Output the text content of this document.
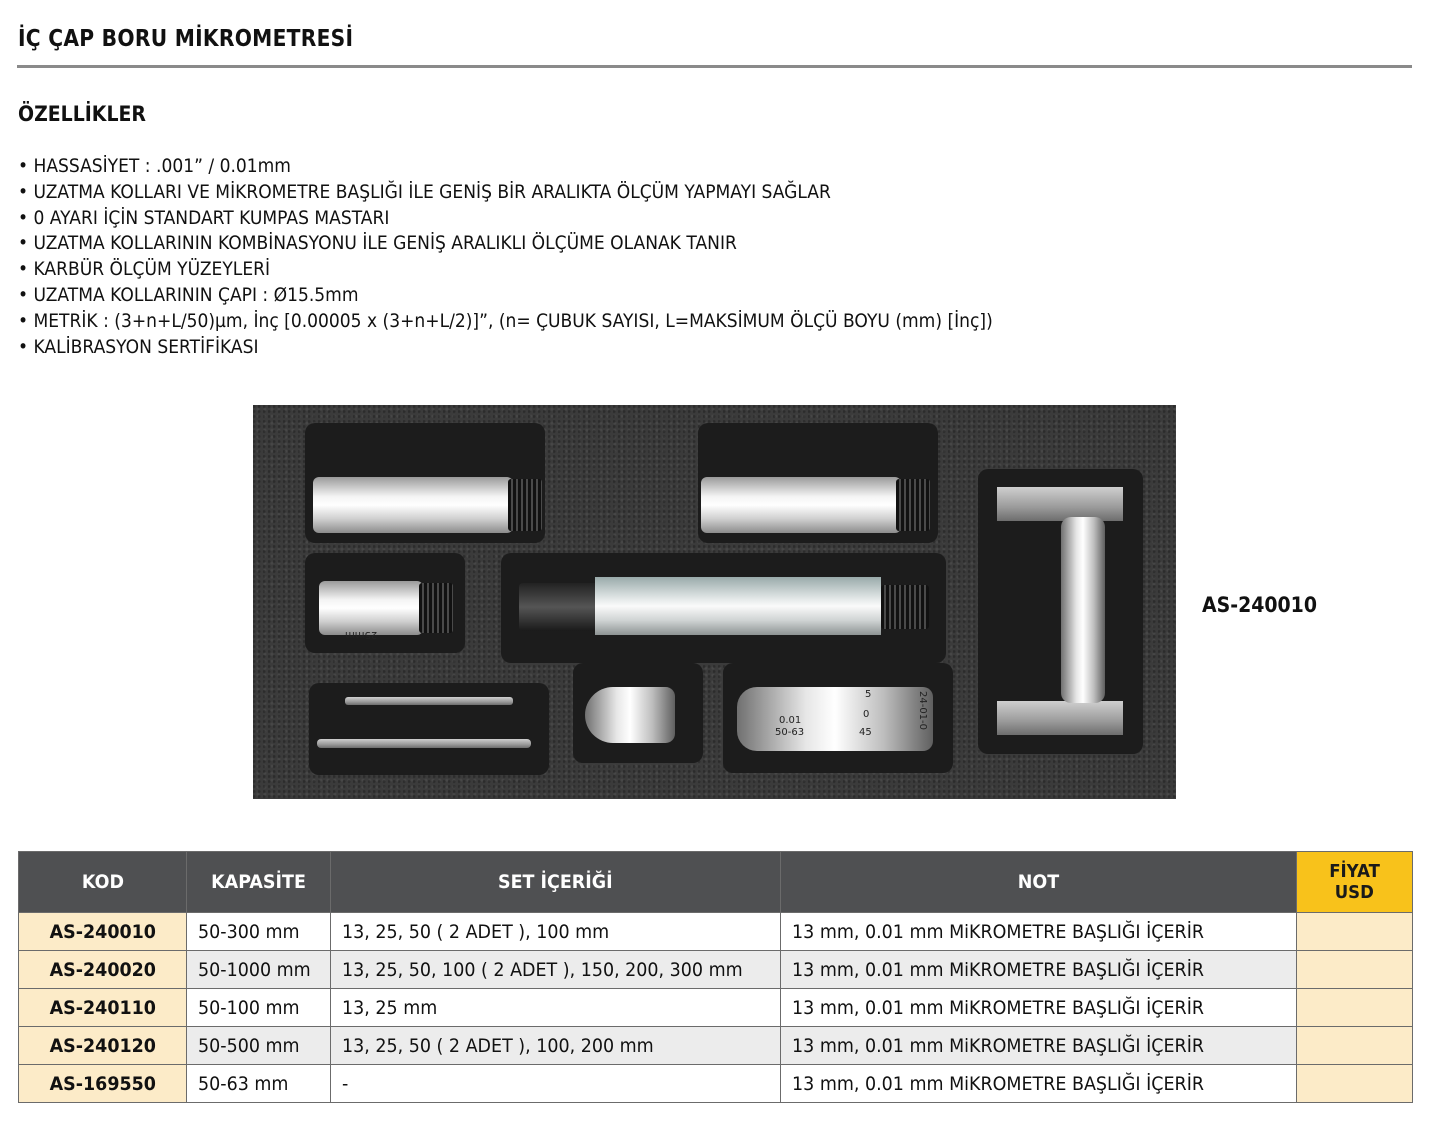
İÇ ÇAP BORU MİKROMETRESİ
ÖZELLİKLER
• HASSASİYET : .001” / 0.01mm
• UZATMA KOLLARI VE MİKROMETRE BAŞLIĞI İLE GENİŞ BİR ARALIKTA ÖLÇÜM YAPMAYI SAĞLAR
• 0 AYARI İÇİN STANDART KUMPAS MASTARI
• UZATMA KOLLARININ KOMBİNASYONU İLE GENİŞ ARALIKLI ÖLÇÜME OLANAK TANIR
• KARBÜR ÖLÇÜM YÜZEYLERİ
• UZATMA KOLLARININ ÇAPI : Ø15.5mm
• METRİK : (3+n+L/50)µm, İnç [0.00005 x (3+n+L/2)]”, (n= ÇUBUK SAYISI, L=MAKSİMUM ÖLÇÜ BOYU (mm) [İnç])
• KALİBRASYON SERTİFİKASI
25mm
0.01
50-63
5
0
45
24-01-0
AS-240010
KOD	KAPASİTE	SET İÇERİĞİ	NOT	FİYAT
USD
AS-240010	50-300 mm	13, 25, 50 ( 2 ADET ), 100 mm	13 mm, 0.01 mm MiKROMETRE BAŞLIĞI İÇERİR	
AS-240020	50-1000 mm	13, 25, 50, 100 ( 2 ADET ), 150, 200, 300 mm	13 mm, 0.01 mm MiKROMETRE BAŞLIĞI İÇERİR	
AS-240110	50-100 mm	13, 25 mm	13 mm, 0.01 mm MiKROMETRE BAŞLIĞI İÇERİR	
AS-240120	50-500 mm	13, 25, 50 ( 2 ADET ), 100, 200 mm	13 mm, 0.01 mm MiKROMETRE BAŞLIĞI İÇERİR	
AS-169550	50-63 mm	-	13 mm, 0.01 mm MiKROMETRE BAŞLIĞI İÇERİR	
